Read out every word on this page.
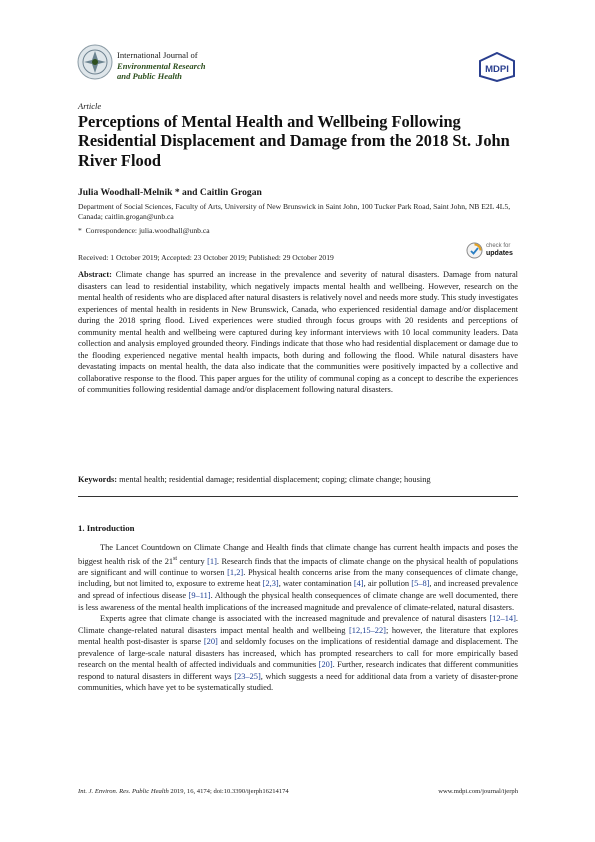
International Journal of
Environmental Research
and Public Health
MDPI
Article
Perceptions of Mental Health and Wellbeing Following Residential Displacement and Damage from the 2018 St. John River Flood
Julia Woodhall-Melnik * and Caitlin Grogan
Department of Social Sciences, Faculty of Arts, University of New Brunswick in Saint John, 100 Tucker Park Road, Saint John, NB E2L 4L5, Canada; caitlin.grogan@unb.ca
*  Correspondence: julia.woodhall@unb.ca
Received: 1 October 2019; Accepted: 23 October 2019; Published: 29 October 2019
check for
updates
Abstract: Climate change has spurred an increase in the prevalence and severity of natural disasters. Damage from natural disasters can lead to residential instability, which negatively impacts mental health and wellbeing. However, research on the mental health of residents who are displaced after natural disasters is relatively novel and needs more study. This study investigates experiences of mental health in residents in New Brunswick, Canada, who experienced residential damage and/or displacement during the 2018 spring flood. Lived experiences were studied through focus groups with 20 residents and perceptions of community mental health and wellbeing were captured during key informant interviews with 10 local community leaders. Data collection and analysis employed grounded theory. Findings indicate that those who had residential displacement or damage due to the flooding experienced negative mental health impacts, both during and following the flood. While natural disasters have devastating impacts on mental health, the data also indicate that the communities were positively impacted by a collective and collaborative response to the flood. This paper argues for the utility of communal coping as a concept to describe the experiences of communities following residential damage and/or displacement following natural disasters.
Keywords: mental health; residential damage; residential displacement; coping; climate change; housing
1. Introduction

The Lancet Countdown on Climate Change and Health finds that climate change has current health impacts and poses the biggest health risk of the 21st century [1]. Research finds that the impacts of climate change on the physical health of populations are significant and will continue to worsen [1,2]. Physical health concerns arise from the many consequences of climate change, including, but not limited to, exposure to extreme heat [2,3], water contamination [4], air pollution [5–8], and increased prevalence and spread of infectious disease [9–11]. Although the physical health consequences of climate change are well documented, there is less awareness of the mental health implications of the increased magnitude and prevalence of climate-related, natural disasters.

Experts agree that climate change is associated with the increased magnitude and prevalence of natural disasters [12–14]. Climate change-related natural disasters impact mental health and wellbeing [12,15–22]; however, the literature that explores mental health post-disaster is sparse [20] and seldomly focuses on the implications of residential damage and displacement. The prevalence of large-scale natural disasters has increased, which has prompted researchers to call for more empirically based research on the mental health of affected individuals and communities [20]. Further, research indicates that different communities respond to natural disasters in different ways [23–25], which suggests a need for additional data from a variety of disaster-prone communities, which have yet to be systematically studied.

Int. J. Environ. Res. Public Health 2019, 16, 4174; doi:10.3390/ijerph16214174	www.mdpi.com/journal/ijerph
